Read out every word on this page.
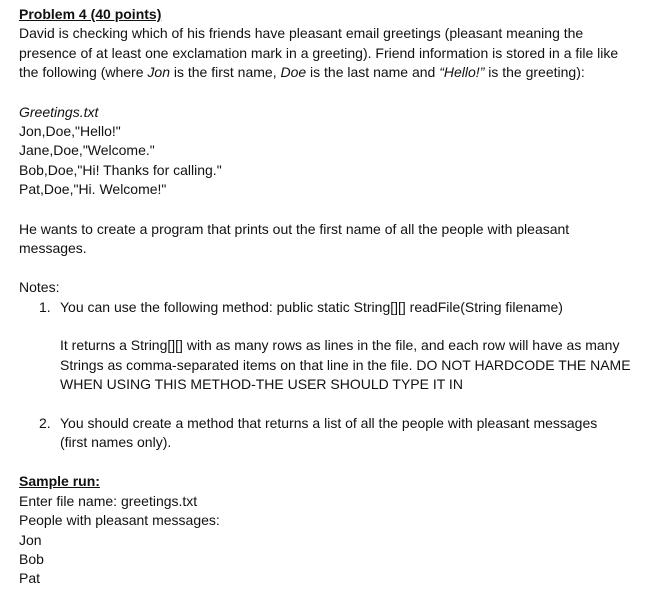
Problem 4 (40 points)
David is checking which of his friends have pleasant email greetings (pleasant meaning the
presence of at least one exclamation mark in a greeting). Friend information is stored in a file like
the following (where Jon is the first name, Doe is the last name and “Hello!” is the greeting):
Greetings.txt
Jon,Doe,"Hello!"
Jane,Doe,"Welcome."
Bob,Doe,"Hi! Thanks for calling."
Pat,Doe,"Hi. Welcome!"
He wants to create a program that prints out the first name of all the people with pleasant
messages.
Notes:
1. You can use the following method: public static String[][] readFile(String filename)
It returns a String[][] with as many rows as lines in the file, and each row will have as many
Strings as comma-separated items on that line in the file. DO NOT HARDCODE THE NAME
WHEN USING THIS METHOD-THE USER SHOULD TYPE IT IN
2. You should create a method that returns a list of all the people with pleasant messages
(first names only).
Sample run:
Enter file name: greetings.txt
People with pleasant messages:
Jon
Bob
Pat
